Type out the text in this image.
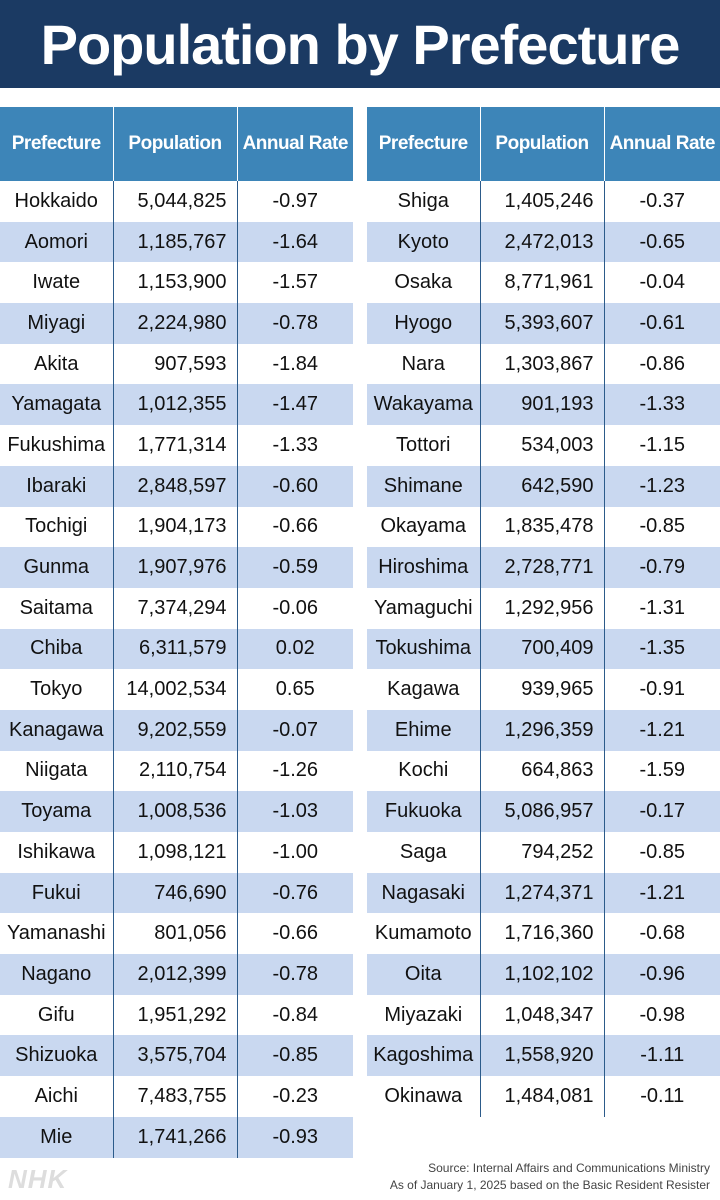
Population by Prefecture
Prefecture	Population	Annual Rate
Hokkaido	5,044,825	-0.97
Aomori	1,185,767	-1.64
Iwate	1,153,900	-1.57
Miyagi	2,224,980	-0.78
Akita	907,593	-1.84
Yamagata	1,012,355	-1.47
Fukushima	1,771,314	-1.33
Ibaraki	2,848,597	-0.60
Tochigi	1,904,173	-0.66
Gunma	1,907,976	-0.59
Saitama	7,374,294	-0.06
Chiba	6,311,579	0.02
Tokyo	14,002,534	0.65
Kanagawa	9,202,559	-0.07
Niigata	2,110,754	-1.26
Toyama	1,008,536	-1.03
Ishikawa	1,098,121	-1.00
Fukui	746,690	-0.76
Yamanashi	801,056	-0.66
Nagano	2,012,399	-0.78
Gifu	1,951,292	-0.84
Shizuoka	3,575,704	-0.85
Aichi	7,483,755	-0.23
Mie	1,741,266	-0.93
Prefecture	Population	Annual Rate
Shiga	1,405,246	-0.37
Kyoto	2,472,013	-0.65
Osaka	8,771,961	-0.04
Hyogo	5,393,607	-0.61
Nara	1,303,867	-0.86
Wakayama	901,193	-1.33
Tottori	534,003	-1.15
Shimane	642,590	-1.23
Okayama	1,835,478	-0.85
Hiroshima	2,728,771	-0.79
Yamaguchi	1,292,956	-1.31
Tokushima	700,409	-1.35
Kagawa	939,965	-0.91
Ehime	1,296,359	-1.21
Kochi	664,863	-1.59
Fukuoka	5,086,957	-0.17
Saga	794,252	-0.85
Nagasaki	1,274,371	-1.21
Kumamoto	1,716,360	-0.68
Oita	1,102,102	-0.96
Miyazaki	1,048,347	-0.98
Kagoshima	1,558,920	-1.11
Okinawa	1,484,081	-0.11
NHK	Source: Internal Affairs and Communications Ministry
As of January 1, 2025 based on the Basic Resident Resister
